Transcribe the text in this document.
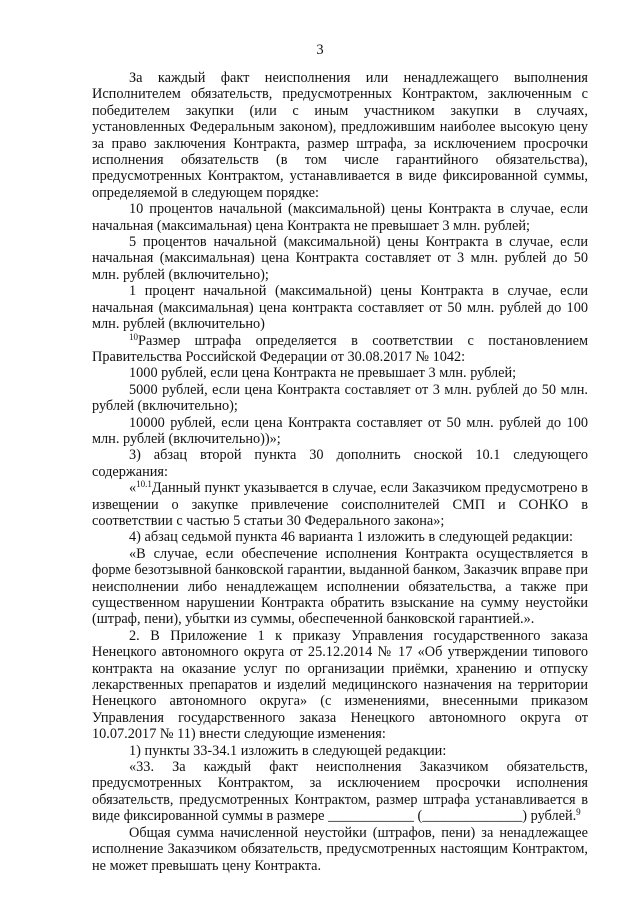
3

За каждый факт неисполнения или ненадлежащего выполнения Исполнителем обязательств, предусмотренных Контрактом, заключенным с победителем закупки (или с иным участником закупки в случаях, установленных Федеральным законом), предложившим наиболее высокую цену за право заключения Контракта, размер штрафа, за исключением просрочки исполнения обязательств (в том числе гарантийного обязательства), предусмотренных Контрактом, устанавливается в виде фиксированной суммы, определяемой в следующем порядке:

10 процентов начальной (максимальной) цены Контракта в случае, если начальная (максимальная) цена Контракта не превышает 3 млн. рублей;

5 процентов начальной (максимальной) цены Контракта в случае, если начальная (максимальная) цена Контракта составляет от 3 млн. рублей до 50 млн. рублей (включительно);

1 процент начальной (максимальной) цены Контракта в случае, если начальная (максимальная) цена контракта составляет от 50 млн. рублей до 100 млн. рублей (включительно)

$^{10}$Размер штрафа определяется в соответствии с постановлением Правительства Российской Федерации от 30.08.2017 № 1042:

1000 рублей, если цена Контракта не превышает 3 млн. рублей;

5000 рублей, если цена Контракта составляет от 3 млн. рублей до 50 млн. рублей (включительно);

10000 рублей, если цена Контракта составляет от 50 млн. рублей до 100 млн. рублей (включительно))»;

3) абзац второй пункта 30 дополнить сноской 10.1 следующего содержания:

«$^{10.1}$Данный пункт указывается в случае, если Заказчиком предусмотрено в извещении о закупке привлечение соисполнителей СМП и СОНКО в соответствии с частью 5 статьи 30 Федерального закона»;

4) абзац седьмой пункта 46 варианта 1 изложить в следующей редакции:

«В случае, если обеспечение исполнения Контракта осуществляется в форме безотзывной банковской гарантии, выданной банком, Заказчик вправе при неисполнении либо ненадлежащем исполнении обязательства, а также при существенном нарушении Контракта обратить взыскание на сумму неустойки (штраф, пени), убытки из суммы, обеспеченной банковской гарантией.».

2. В Приложение 1 к приказу Управления государственного заказа Ненецкого автономного округа от 25.12.2014 № 17 «Об утверждении типового контракта на оказание услуг по организации приёмки, хранению и отпуску лекарственных препаратов и изделий медицинского назначения на территории Ненецкого автономного округа» (с изменениями, внесенными приказом Управления государственного заказа Ненецкого автономного округа от 10.07.2017 № 11) внести следующие изменения:

1) пункты 33-34.1 изложить в следующей редакции:

«33. За каждый факт неисполнения Заказчиком обязательств, предусмотренных Контрактом, за исключением просрочки исполнения обязательств, предусмотренных Контрактом, размер штрафа устанавливается в виде фиксированной суммы в размере ____________ (______________) рублей.$^9$

Общая сумма начисленной неустойки (штрафов, пени) за ненадлежащее исполнение Заказчиком обязательств, предусмотренных настоящим Контрактом, не может превышать цену Контракта.
